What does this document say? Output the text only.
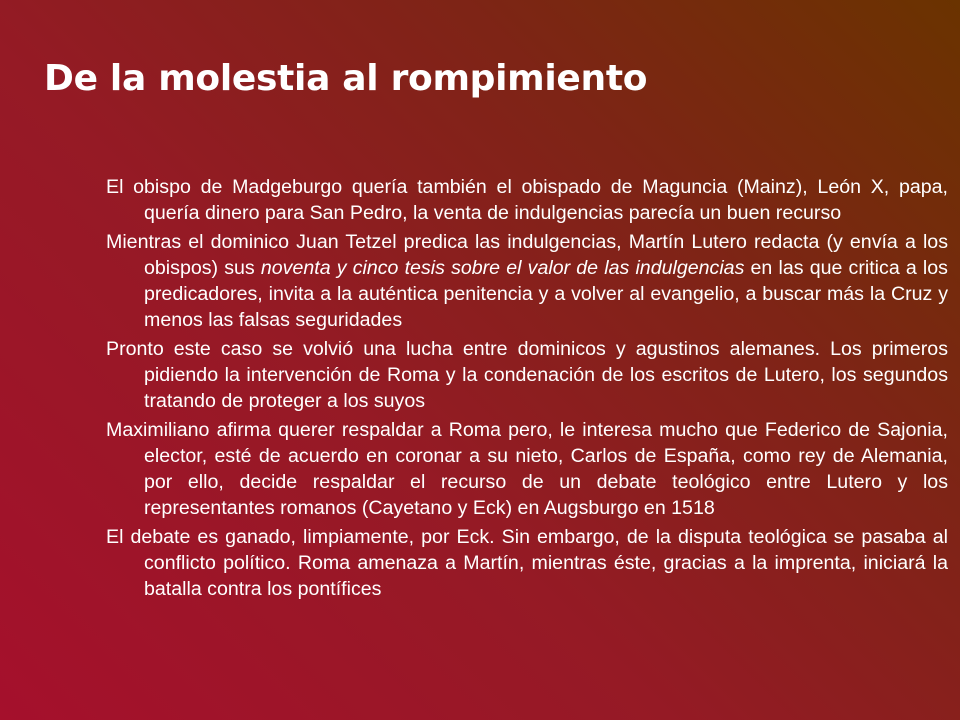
De la molestia al rompimiento
El obispo de Madgeburgo quería también el obispado de Maguncia (Mainz), León X, papa, quería dinero para San Pedro, la venta de indulgencias parecía un buen recurso
Mientras el dominico Juan Tetzel predica las indulgencias, Martín Lutero redacta (y envía a los obispos) sus noventa y cinco tesis sobre el valor de las indulgencias en las que critica a los predicadores, invita a la auténtica penitencia y a volver al evangelio, a buscar más la Cruz y menos las falsas seguridades
Pronto este caso se volvió una lucha entre dominicos y agustinos alemanes. Los primeros pidiendo la intervención de Roma y la condenación de los escritos de Lutero, los segundos tratando de proteger a los suyos
Maximiliano afirma querer respaldar a Roma pero, le interesa mucho que Federico de Sajonia, elector, esté de acuerdo en coronar a su nieto, Carlos de España, como rey de Alemania, por ello, decide respaldar el recurso de un debate teológico entre Lutero y los representantes romanos (Cayetano y Eck) en Augsburgo en 1518
El debate es ganado, limpiamente, por Eck. Sin embargo, de la disputa teológica se pasaba al conflicto político. Roma amenaza a Martín, mientras éste, gracias a la imprenta, iniciará la batalla contra los pontífices
